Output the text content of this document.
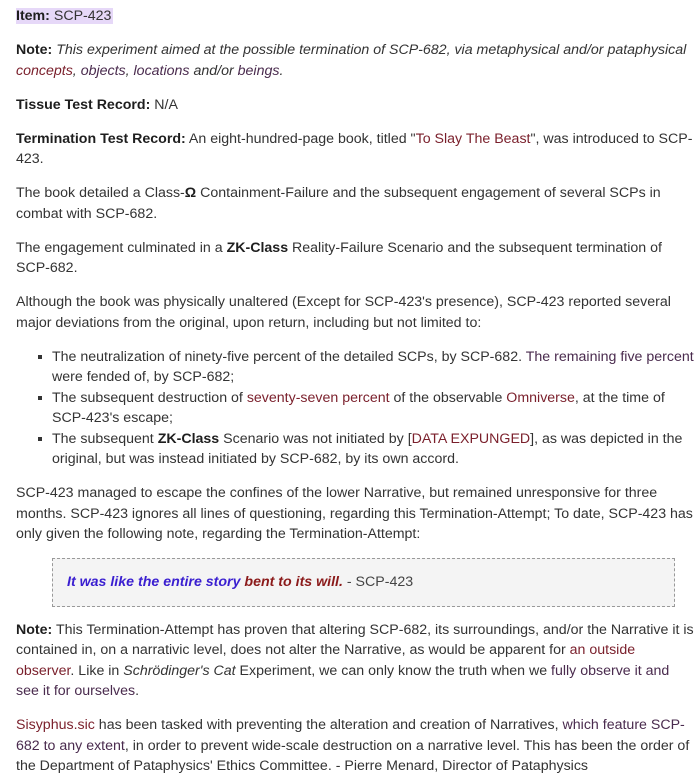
Item: SCP-423

Note: This experiment aimed at the possible termination of SCP-682, via metaphysical and/or pataphysical concepts, objects, locations and/or beings.

Tissue Test Record: N/A

Termination Test Record: An eight-hundred-page book, titled "To Slay The Beast", was introduced to SCP-423.

The book detailed a Class-Ω Containment-Failure and the subsequent engagement of several SCPs in combat with SCP-682.

The engagement culminated in a ZK-Class Reality-Failure Scenario and the subsequent termination of SCP-682.

Although the book was physically unaltered (Except for SCP-423's presence), SCP-423 reported several major deviations from the original, upon return, including but not limited to:

The neutralization of ninety-five percent of the detailed SCPs, by SCP-682. The remaining five percent were fended of, by SCP-682;
The subsequent destruction of seventy-seven percent of the observable Omniverse, at the time of SCP-423's escape;
The subsequent ZK-Class Scenario was not initiated by [DATA EXPUNGED], as was depicted in the original, but was instead initiated by SCP-682, by its own accord.

SCP-423 managed to escape the confines of the lower Narrative, but remained unresponsive for three months. SCP-423 ignores all lines of questioning, regarding this Termination-Attempt; To date, SCP-423 has only given the following note, regarding the Termination-Attempt:

It was like the entire story bent to its will. - SCP-423

Note: This Termination-Attempt has proven that altering SCP-682, its surroundings, and/or the Narrative it is contained in, on a narrativic level, does not alter the Narrative, as would be apparent for an outside observer. Like in Schrödinger's Cat Experiment, we can only know the truth when we fully observe it and see it for ourselves.

Sisyphus.sic has been tasked with preventing the alteration and creation of Narratives, which feature SCP-682 to any extent, in order to prevent wide-scale destruction on a narrative level. This has been the order of the Department of Pataphysics' Ethics Committee. - Pierre Menard, Director of Pataphysics
